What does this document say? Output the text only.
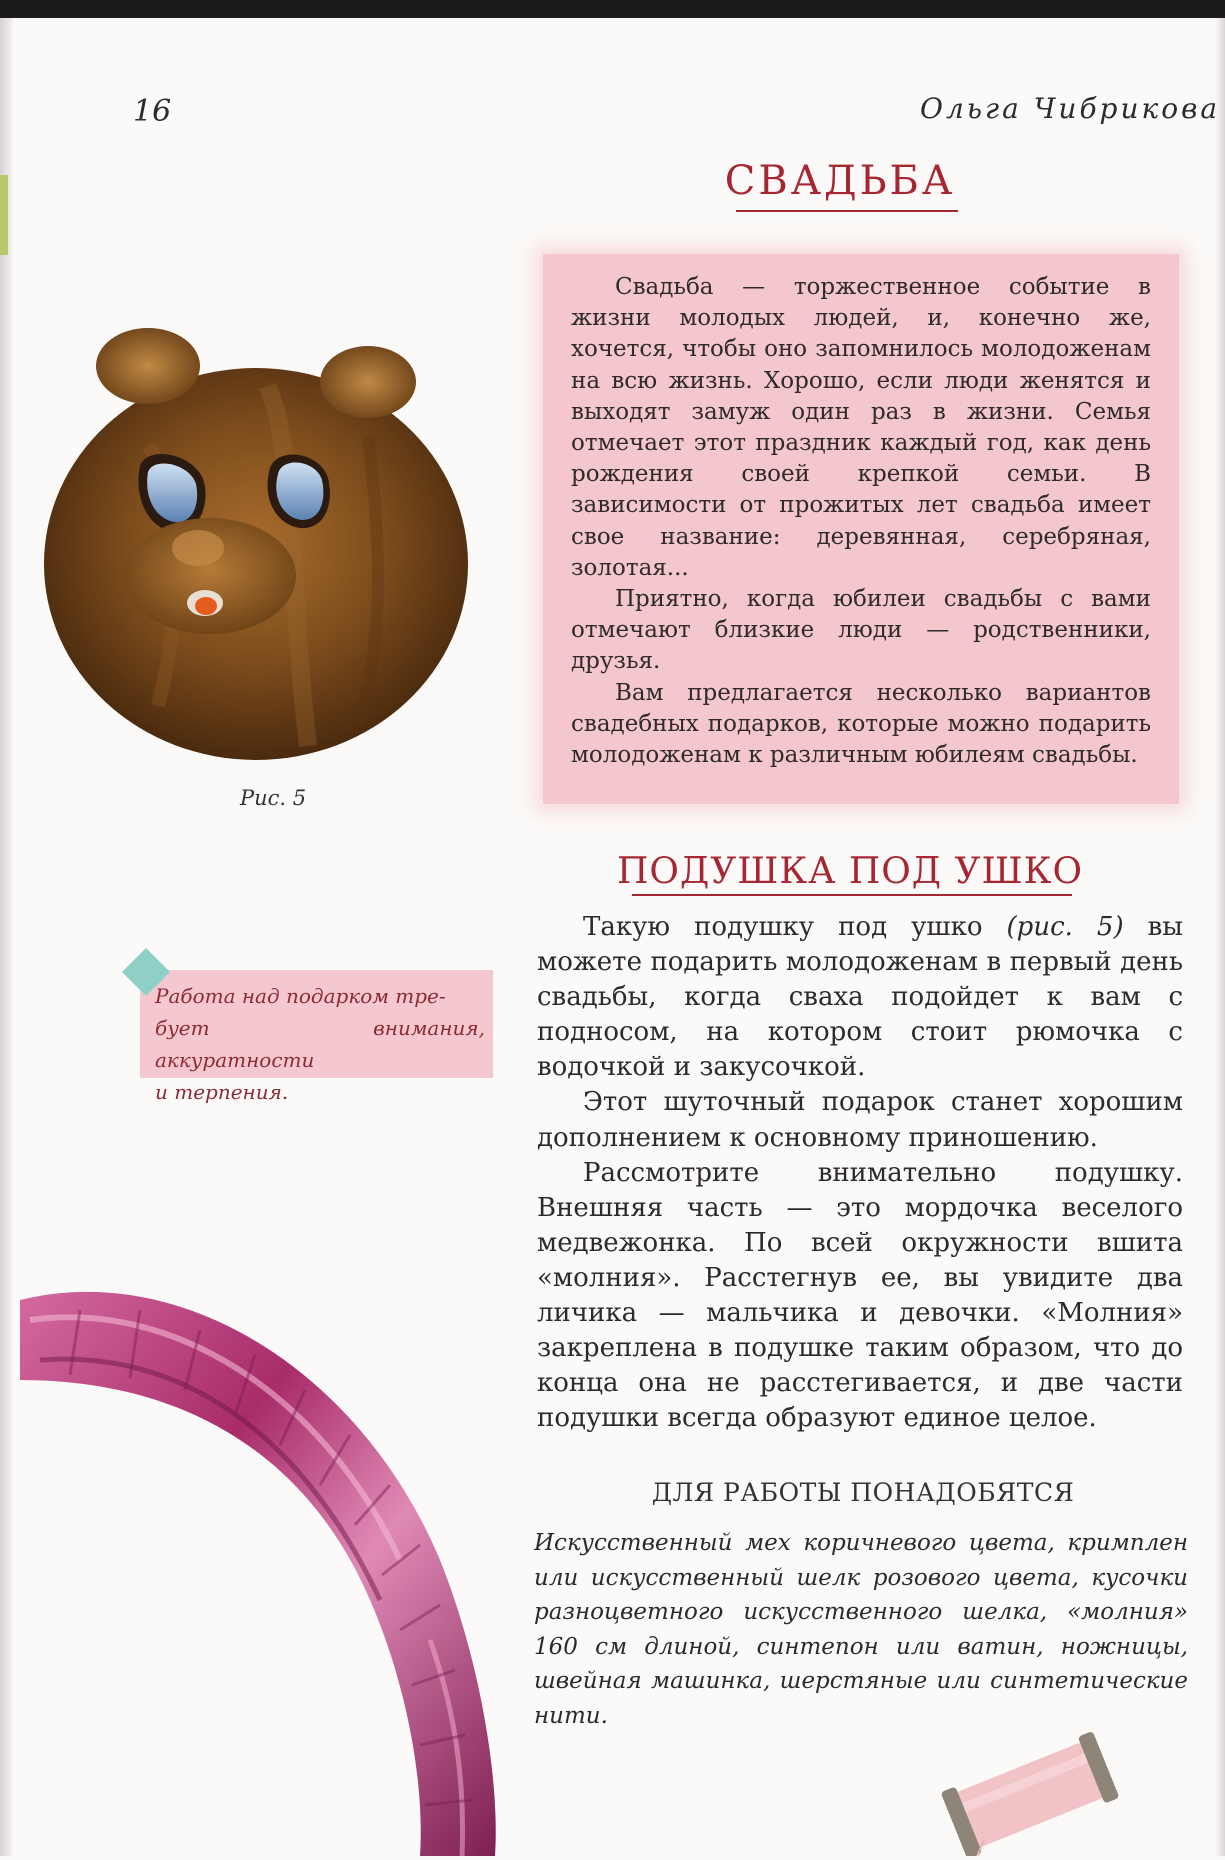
16	Ольга Чибрикова
СВАДЬБА

Свадьба — торжественное событие в жизни молодых людей, и, конечно же, хочется, чтобы оно запомнилось молодоженам на всю жизнь. Хорошо, если люди женятся и выходят замуж один раз в жизни. Семья отмечает этот праздник каждый год, как день рождения своей крепкой семьи. В зависимости от прожитых лет свадьба имеет свое название: деревянная, серебряная, золотая...

Приятно, когда юбилеи свадьбы с вами отмечают близкие люди — родственники, друзья.

Вам предлагается несколько вариантов свадебных подарков, которые можно подарить молодоженам к различным юбилеям свадьбы.

Рис. 5
ПОДУШКА ПОД УШКО

Такую подушку под ушко (рис. 5) вы можете подарить молодоженам в первый день свадьбы, когда сваха подойдет к вам с подносом, на котором стоит рюмочка с водочкой и закусочкой.

Этот шуточный подарок станет хорошим дополнением к основному приношению.

Рассмотрите внимательно подушку. Внешняя часть — это мордочка веселого медвежонка. По всей окружности вшита «молния». Расстегнув ее, вы увидите два личика — мальчика и девочки. «Молния» закреплена в подушке таким образом, что до конца она не расстегивается, и две части подушки всегда образуют единое целое.

Работа над подарком тре-
бует внимания, аккуратности
и терпения.
ДЛЯ РАБОТЫ ПОНАДОБЯТСЯ
Искусственный мех коричневого цвета, кримплен или искусственный шелк розового цвета, кусочки разноцветного искусственного шелка, «молния» 160 см длиной, синтепон или ватин, ножницы, швейная машинка, шерстяные или синтетические нити.
